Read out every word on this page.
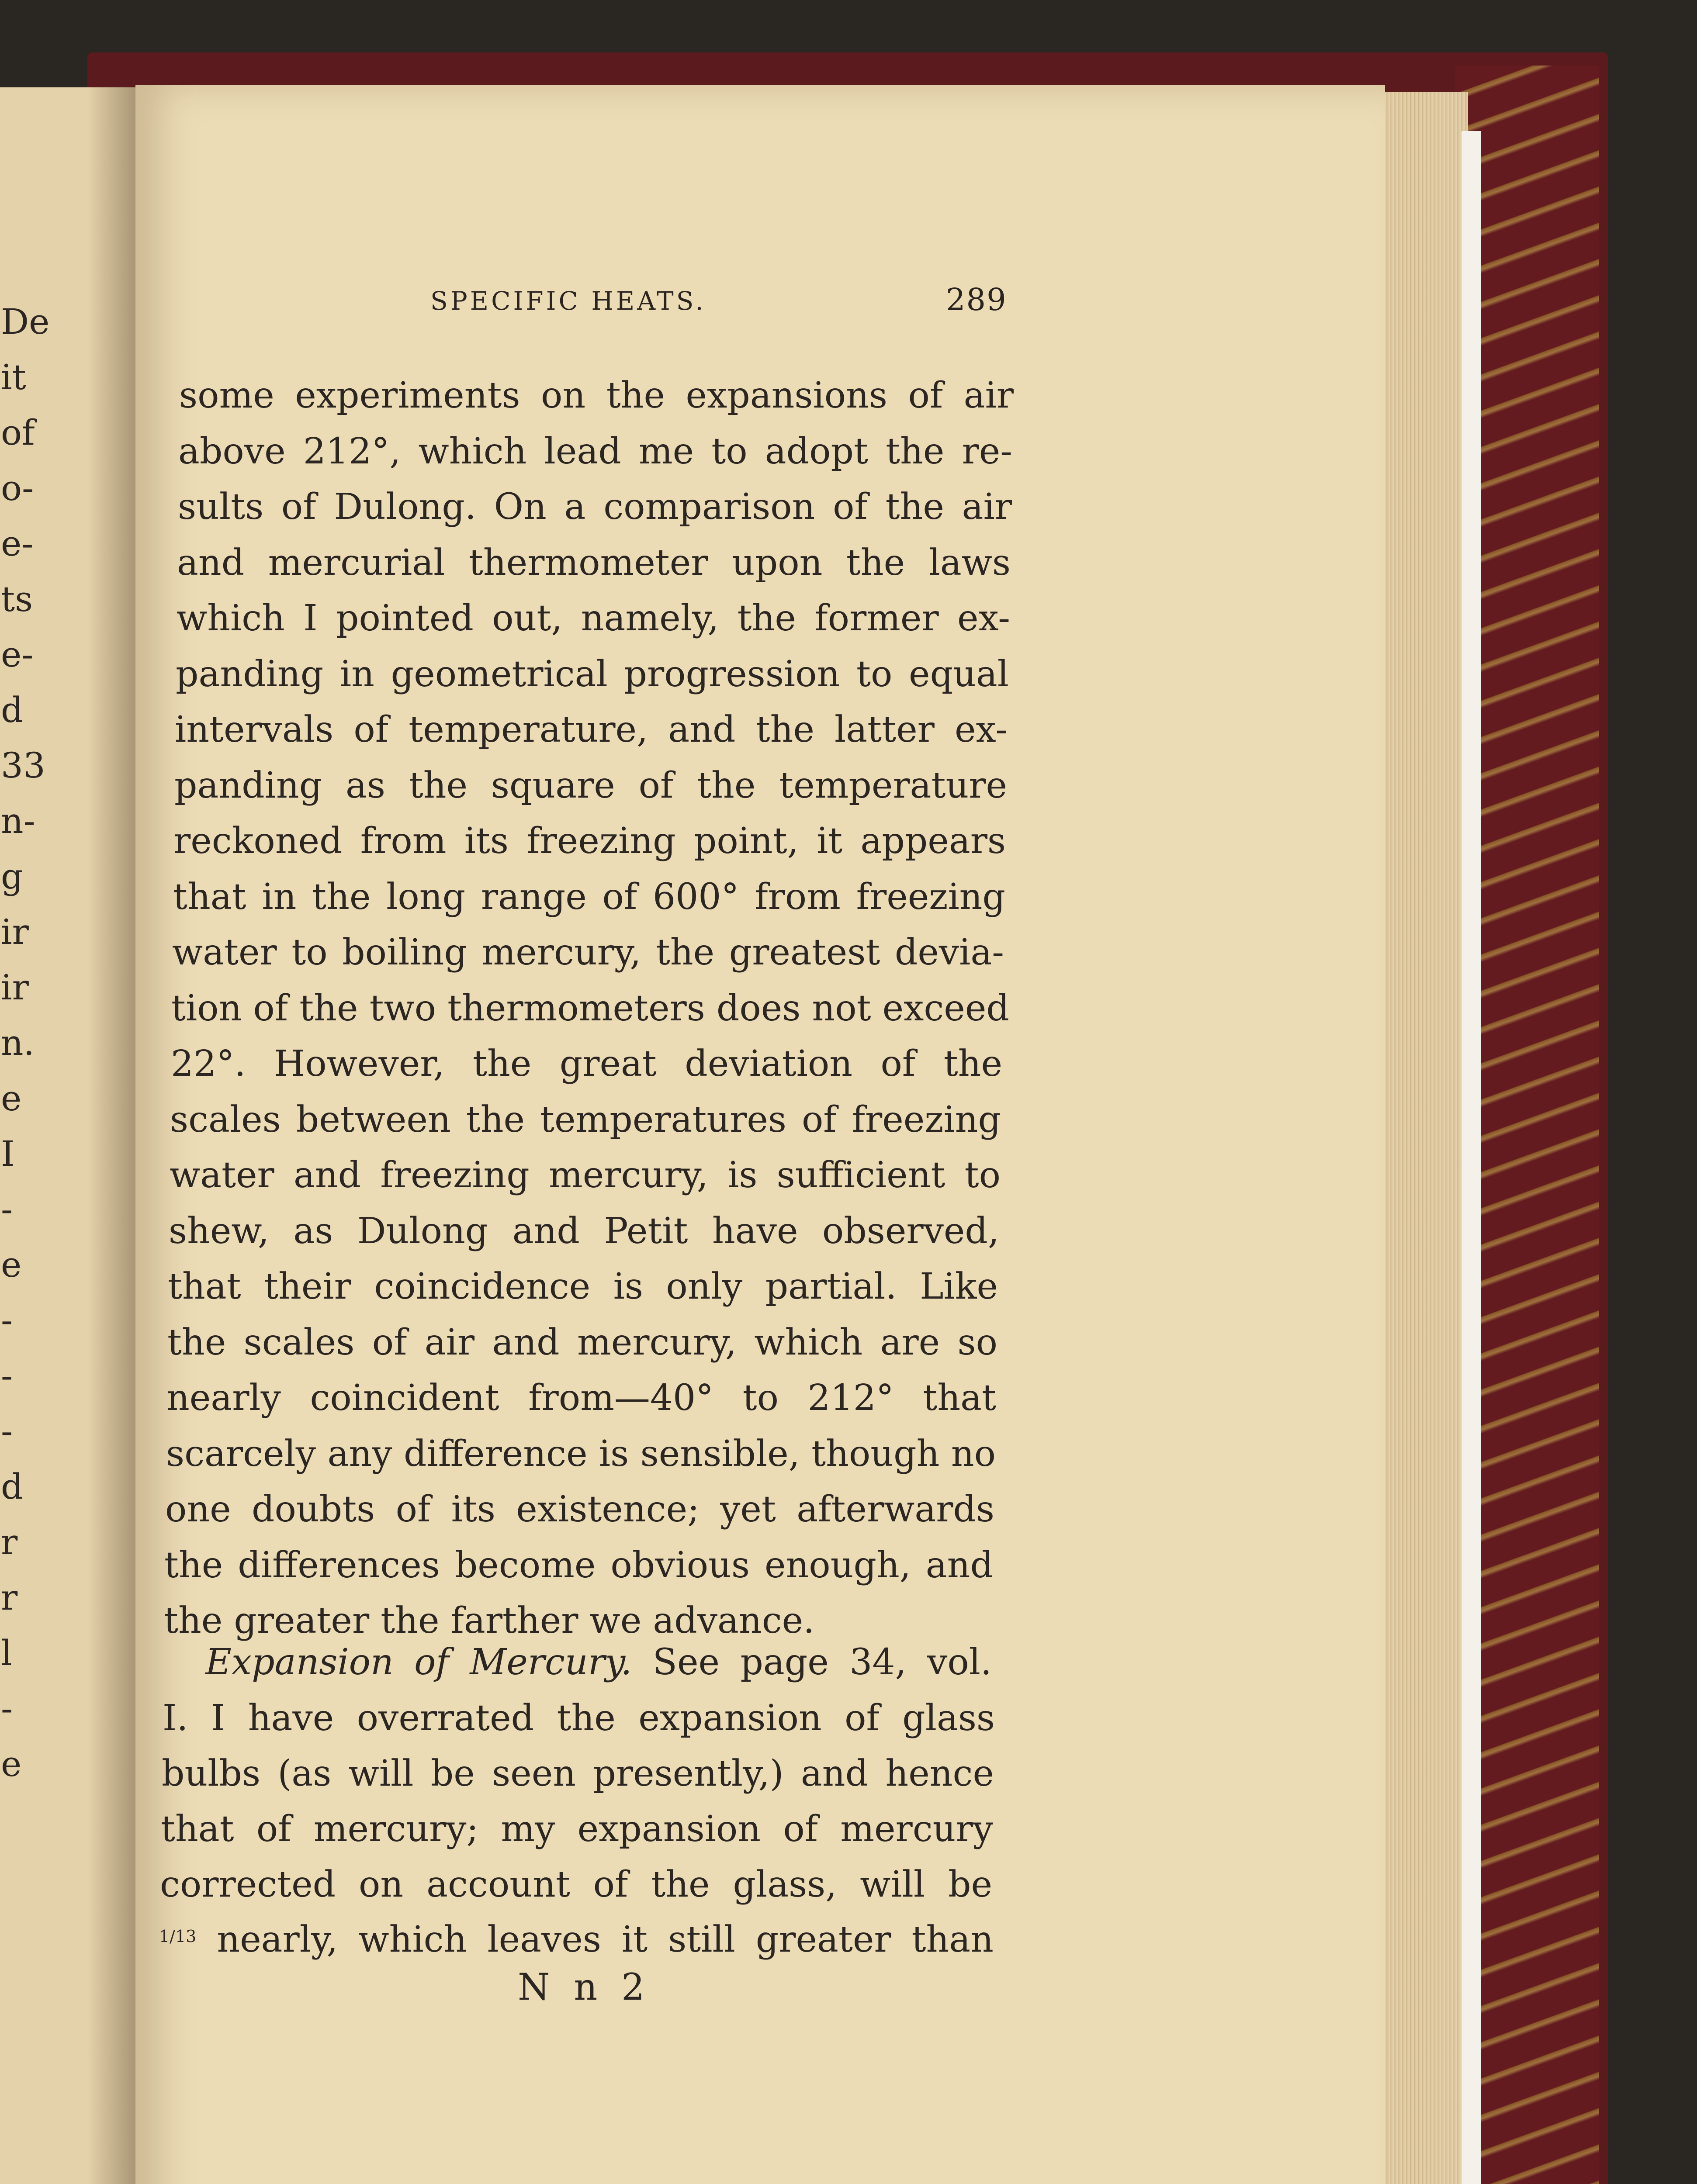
De
it
of
o-
e-
ts
e-
d
33
n-
g
ir
ir
n.
e
I
-
e
-
-
-
d
r
r
l
-
e
SPECIFIC HEATS.	289
some experiments on the expansions of air
above 212°, which lead me to adopt the re-
sults of Dulong. On a comparison of the air
and mercurial thermometer upon the laws
which I pointed out, namely, the former ex-
panding in geometrical progression to equal
intervals of temperature, and the latter ex-
panding as the square of the temperature
reckoned from its freezing point, it appears
that in the long range of 600° from freezing
water to boiling mercury, the greatest devia-
tion of the two thermometers does not exceed
22°. However, the great deviation of the
scales between the temperatures of freezing
water and freezing mercury, is sufficient to
shew, as Dulong and Petit have observed,
that their coincidence is only partial. Like
the scales of air and mercury, which are so
nearly coincident from—40° to 212° that
scarcely any difference is sensible, though no
one doubts of its existence; yet afterwards
the differences become obvious enough, and
the greater the farther we advance.
Expansion of Mercury. See page 34, vol.
I. I have overrated the expansion of glass
bulbs (as will be seen presently,) and hence
that of mercury; my expansion of mercury
corrected on account of the glass, will be
$^{1/13}$ nearly, which leaves it still greater than
N n 2
